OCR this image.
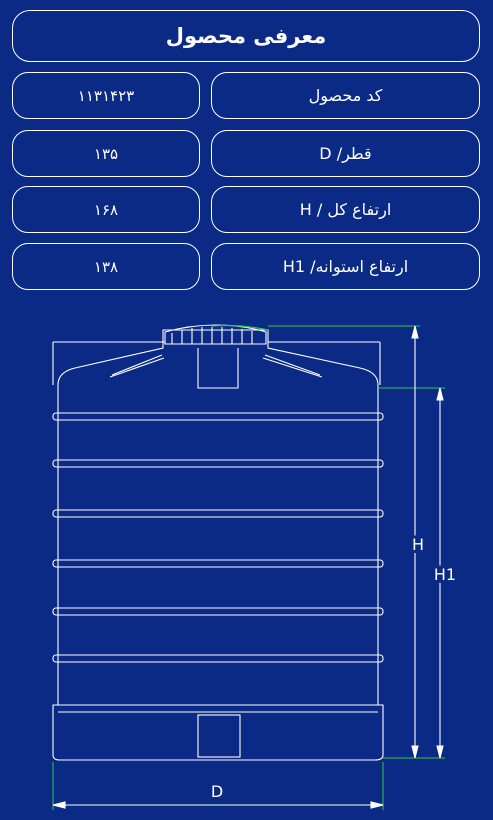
معرفی محصول
کد محصول
۱۱۳۱۴۲۳
قطر/ D
۱۳۵
ارتفاع کل / H
۱۶۸
ارتفاع استوانه/ H1
۱۳۸
H
H1
D
